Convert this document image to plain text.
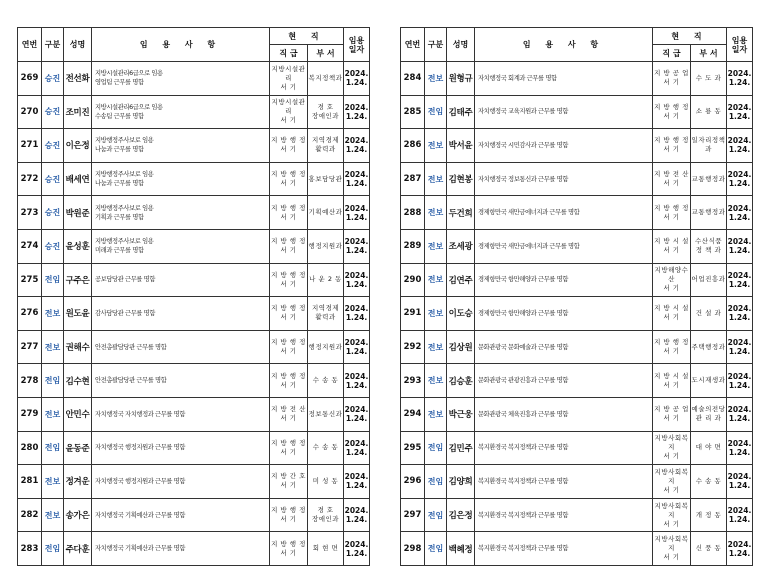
연번	구분	성명	임 용 사 항	현 직		임용
일자
				직 급	부 서	
269	승진	전선화	지방시설관리6급으로 임용
영업팀 근무를 명함	지방시설관리
서 기	복지정책과	2024.
1.24.
270	승진	조미진	지방시설관리6급으로 임용
수송팀 근무를 명함	지방시설관리
서 기	경 호
장애인과	2024.
1.24.
271	승진	이은정	지방행정주사보로 임용
나눔과 근무를 명함	지 방 행 정
서 기	지역경제
활력과	2024.
1.24.
272	승진	배세연	지방행정주사보로 임용
나눔과 근무를 명함	지 방 행 정
서 기	홍보담당관	2024.
1.24.
273	승진	박원준	지방행정주사보로 임용
기획과 근무를 명함	지 방 행 정
서 기	기획예산과	2024.
1.24.
274	승진	윤성훈	지방행정주사보로 임용
미래과 근무를 명함	지 방 행 정
서 기	행정지원과	2024.
1.24.
275	전임	구주은	공보담당관 근무를 명함	지 방 행 정
서 기	나 운 2 동	2024.
1.24.
276	전보	원도윤	감사담당관 근무를 명함	지 방 행 정
서 기	지역경제
활력과	2024.
1.24.
277	전보	권해수	안전총괄담당관 근무를 명함	지 방 행 정
서 기	행정지원과	2024.
1.24.
278	전임	김수현	안전총괄담당관 근무를 명함	지 방 행 정
서 기	수 송 동	2024.
1.24.
279	전보	안민수	자치행정국 자치행정과 근무를 명함	지 방 전 산
서 기	정보통신과	2024.
1.24.
280	전임	윤동준	자치행정국 행정지원과 근무를 명함	지 방 행 정
서 기	수 송 동	2024.
1.24.
281	전보	정겨운	자치행정국 행정지원과 근무를 명함	지 방 간 호
서 기	미 성 동	2024.
1.24.
282	전보	송가은	자치행정국 기획예산과 근무를 명함	지 방 행 정
서 기	경 호
장애인과	2024.
1.24.
283	전임	주다훈	자치행정국 기획예산과 근무를 명함	지 방 행 정
서 기	회 현 면	2024.
1.24.
연번	구분	성명	임 용 사 항	현 직		임용
일자
				직 급	부 서	
284	전보	원형규	자치행정국 회계과 근무를 명함	지 방 공 업
서 기	수 도 과	2024.
1.24.
285	전임	김태주	자치행정국 교육지원과 근무를 명함	지 방 행 정
서 기	소 룡 동	2024.
1.24.
286	전보	박서윤	자치행정국 시민감사과 근무를 명함	지 방 행 정
서 기	일자리정책과	2024.
1.24.
287	전보	김현봉	자치행정국 정보통신과 근무를 명함	지 방 전 산
서 기	교통행정과	2024.
1.24.
288	전보	두건희	경제항만국 새만금에너지과 근무를 명함	지 방 행 정
서 기	교통행정과	2024.
1.24.
289	전보	조세광	경제항만국 새만금에너지과 근무를 명함	지 방 시 설
서 기	수산식품
정 책 과	2024.
1.24.
290	전보	김연주	경제항만국 항만해양과 근무를 명함	지방해양수산
서 기	어업진흥과	2024.
1.24.
291	전보	이도승	경제항만국 항만해양과 근무를 명함	지 방 시 설
서 기	건 설 과	2024.
1.24.
292	전보	김상원	문화관광국 문화예술과 근무를 명함	지 방 행 정
서 기	주택행정과	2024.
1.24.
293	전보	김승훈	문화관광국 관광진흥과 근무를 명함	지 방 시 설
서 기	도시재생과	2024.
1.24.
294	전보	박근웅	문화관광국 체육진흥과 근무를 명함	지 방 공 업
서 기	예술의전당
관 리 과	2024.
1.24.
295	전임	김민주	복지환경국 복지정책과 근무를 명함	지방사회복지
서 기	대 야 면	2024.
1.24.
296	전임	김양희	복지환경국 복지정책과 근무를 명함	지방사회복지
서 기	수 송 동	2024.
1.24.
297	전임	김은정	복지환경국 복지정책과 근무를 명함	지방사회복지
서 기	개 정 동	2024.
1.24.
298	전임	백혜정	복지환경국 복지정책과 근무를 명함	지방사회복지
서 기	신 풍 동	2024.
1.24.
